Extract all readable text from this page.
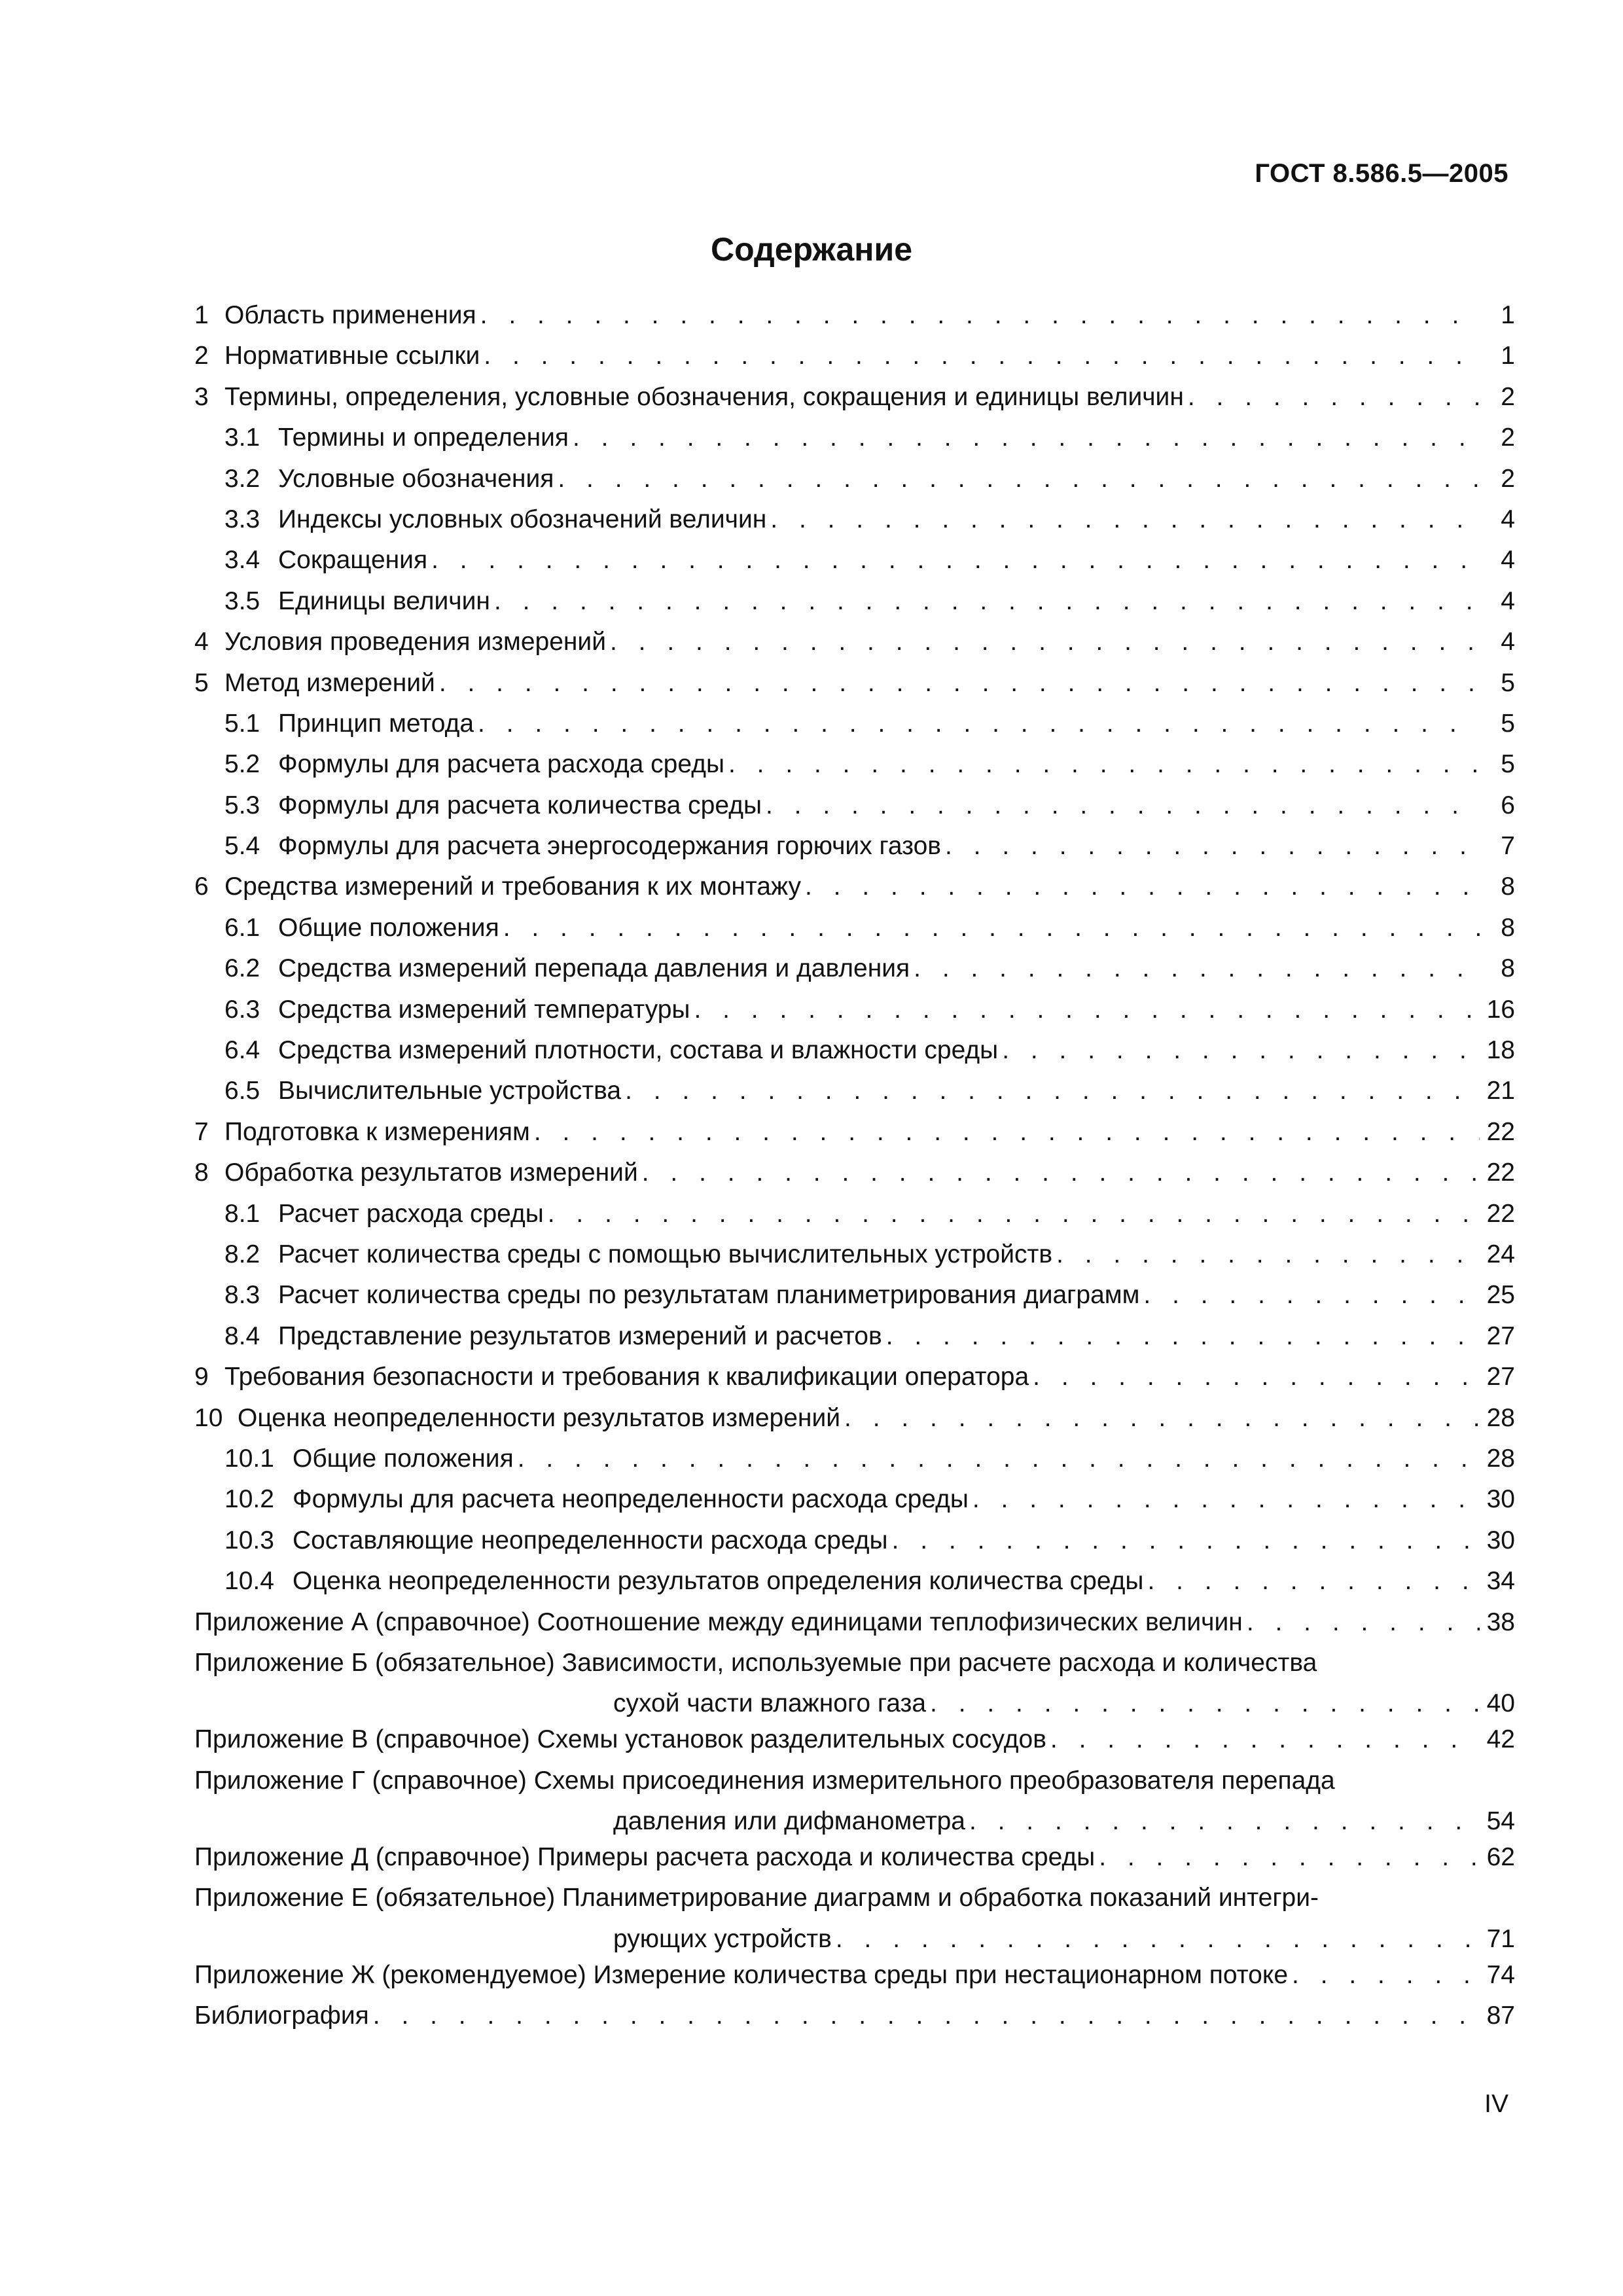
ГОСТ 8.586.5—2005
Содержание
1 Область применения . . .	1
2 Нормативные ссылки . . .	1
3 Термины, определения, условные обозначения, сокращения и единицы величин . . .	2
3.1 Термины и определения . . .	2
3.2 Условные обозначения . . .	2
3.3 Индексы условных обозначений величин . . .	4
3.4 Сокращения . . .	4
3.5 Единицы величин . . .	4
4 Условия проведения измерений . . .	4
5 Метод измерений . . .	5
5.1 Принцип метода . . .	5
5.2 Формулы для расчета расхода среды . . .	5
5.3 Формулы для расчета количества среды . . .	6
5.4 Формулы для расчета энергосодержания горючих газов . . .	7
6 Средства измерений и требования к их монтажу . . .	8
6.1 Общие положения . . .	8
6.2 Средства измерений перепада давления и давления . . .	8
6.3 Средства измерений температуры . . .	16
6.4 Средства измерений плотности, состава и влажности среды . . .	18
6.5 Вычислительные устройства . . .	21
7 Подготовка к измерениям . . .	22
8 Обработка результатов измерений . . .	22
8.1 Расчет расхода среды . . .	22
8.2 Расчет количества среды с помощью вычислительных устройств . . .	24
8.3 Расчет количества среды по результатам планиметрирования диаграмм . . .	25
8.4 Представление результатов измерений и расчетов . . .	27
9 Требования безопасности и требования к квалификации оператора . . .	27
10 Оценка неопределенности результатов измерений . . .	28
10.1 Общие положения . . .	28
10.2 Формулы для расчета неопределенности расхода среды . . .	30
10.3 Составляющие неопределенности расхода среды . . .	30
10.4 Оценка неопределенности результатов определения количества среды . . .	34
Приложение А (справочное) Соотношение между единицами теплофизических величин . . .	38
Приложение Б (обязательное) Зависимости, используемые при расчете расхода и количества
сухой части влажного газа . . .	40
Приложение В (справочное) Схемы установок разделительных сосудов . . .	42
Приложение Г (справочное) Схемы присоединения измерительного преобразователя перепада
давления или дифманометра . . .	54
Приложение Д (справочное) Примеры расчета расхода и количества среды . . .	62
Приложение Е (обязательное) Планиметрирование диаграмм и обработка показаний интегри-
рующих устройств . . .	71
Приложение Ж (рекомендуемое) Измерение количества среды при нестационарном потоке . . .	74
Библиография . . .	87
IV
